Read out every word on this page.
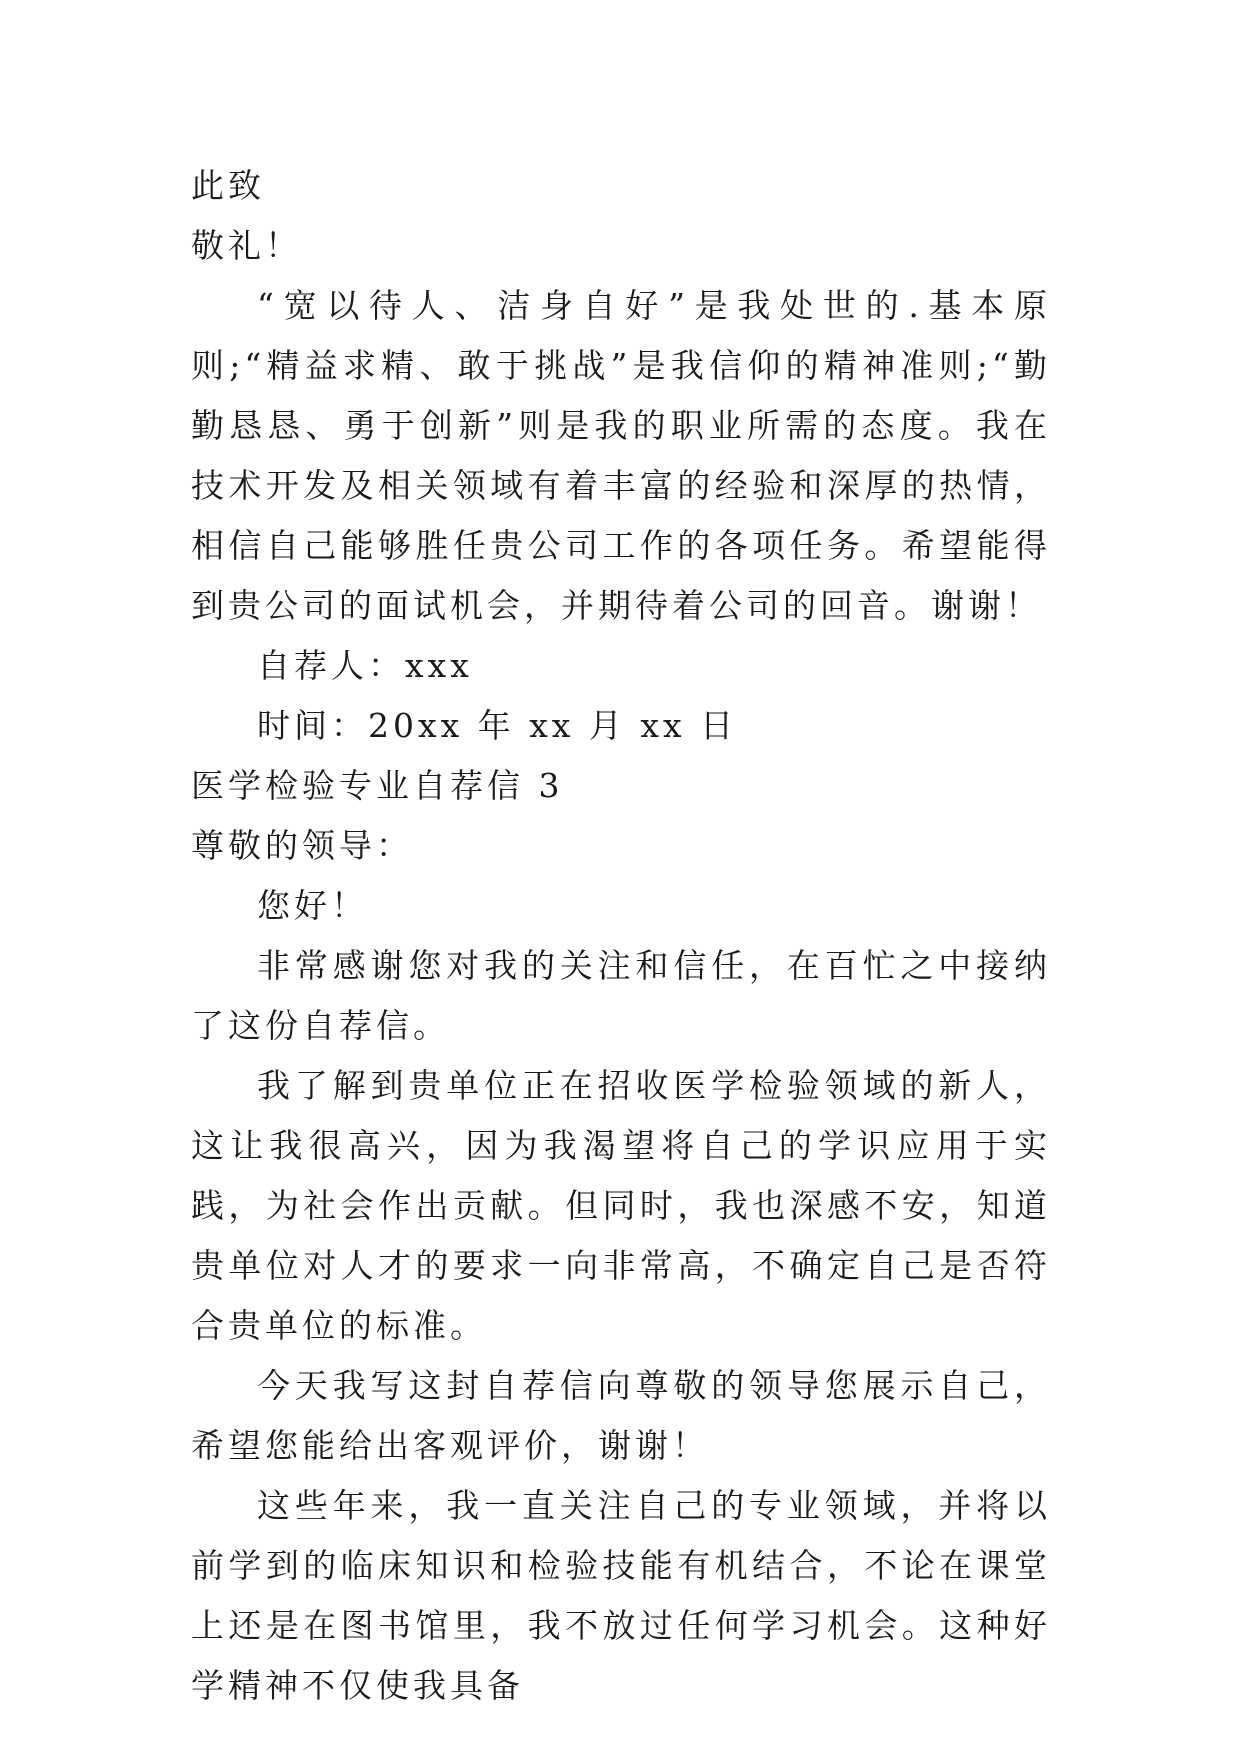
此致

敬礼！

“宽以待人、洁身自好”是我处世的.基本原则;“精益求精、敢于挑战”是我信仰的精神准则;“勤勤恳恳、勇于创新”则是我的职业所需的态度。我在技术开发及相关领域有着丰富的经验和深厚的热情，相信自己能够胜任贵公司工作的各项任务。希望能得到贵公司的面试机会，并期待着公司的回音。谢谢！

自荐人：xxx

时间：20xx 年 xx 月 xx 日

医学检验专业自荐信 3

尊敬的领导：

您好！

非常感谢您对我的关注和信任，在百忙之中接纳了这份自荐信。

我了解到贵单位正在招收医学检验领域的新人，这让我很高兴，因为我渴望将自己的学识应用于实践，为社会作出贡献。但同时，我也深感不安，知道贵单位对人才的要求一向非常高，不确定自己是否符合贵单位的标准。

今天我写这封自荐信向尊敬的领导您展示自己，希望您能给出客观评价，谢谢！

这些年来，我一直关注自己的专业领域，并将以前学到的临床知识和检验技能有机结合，不论在课堂上还是在图书馆里，我不放过任何学习机会。这种好学精神不仅使我具备
